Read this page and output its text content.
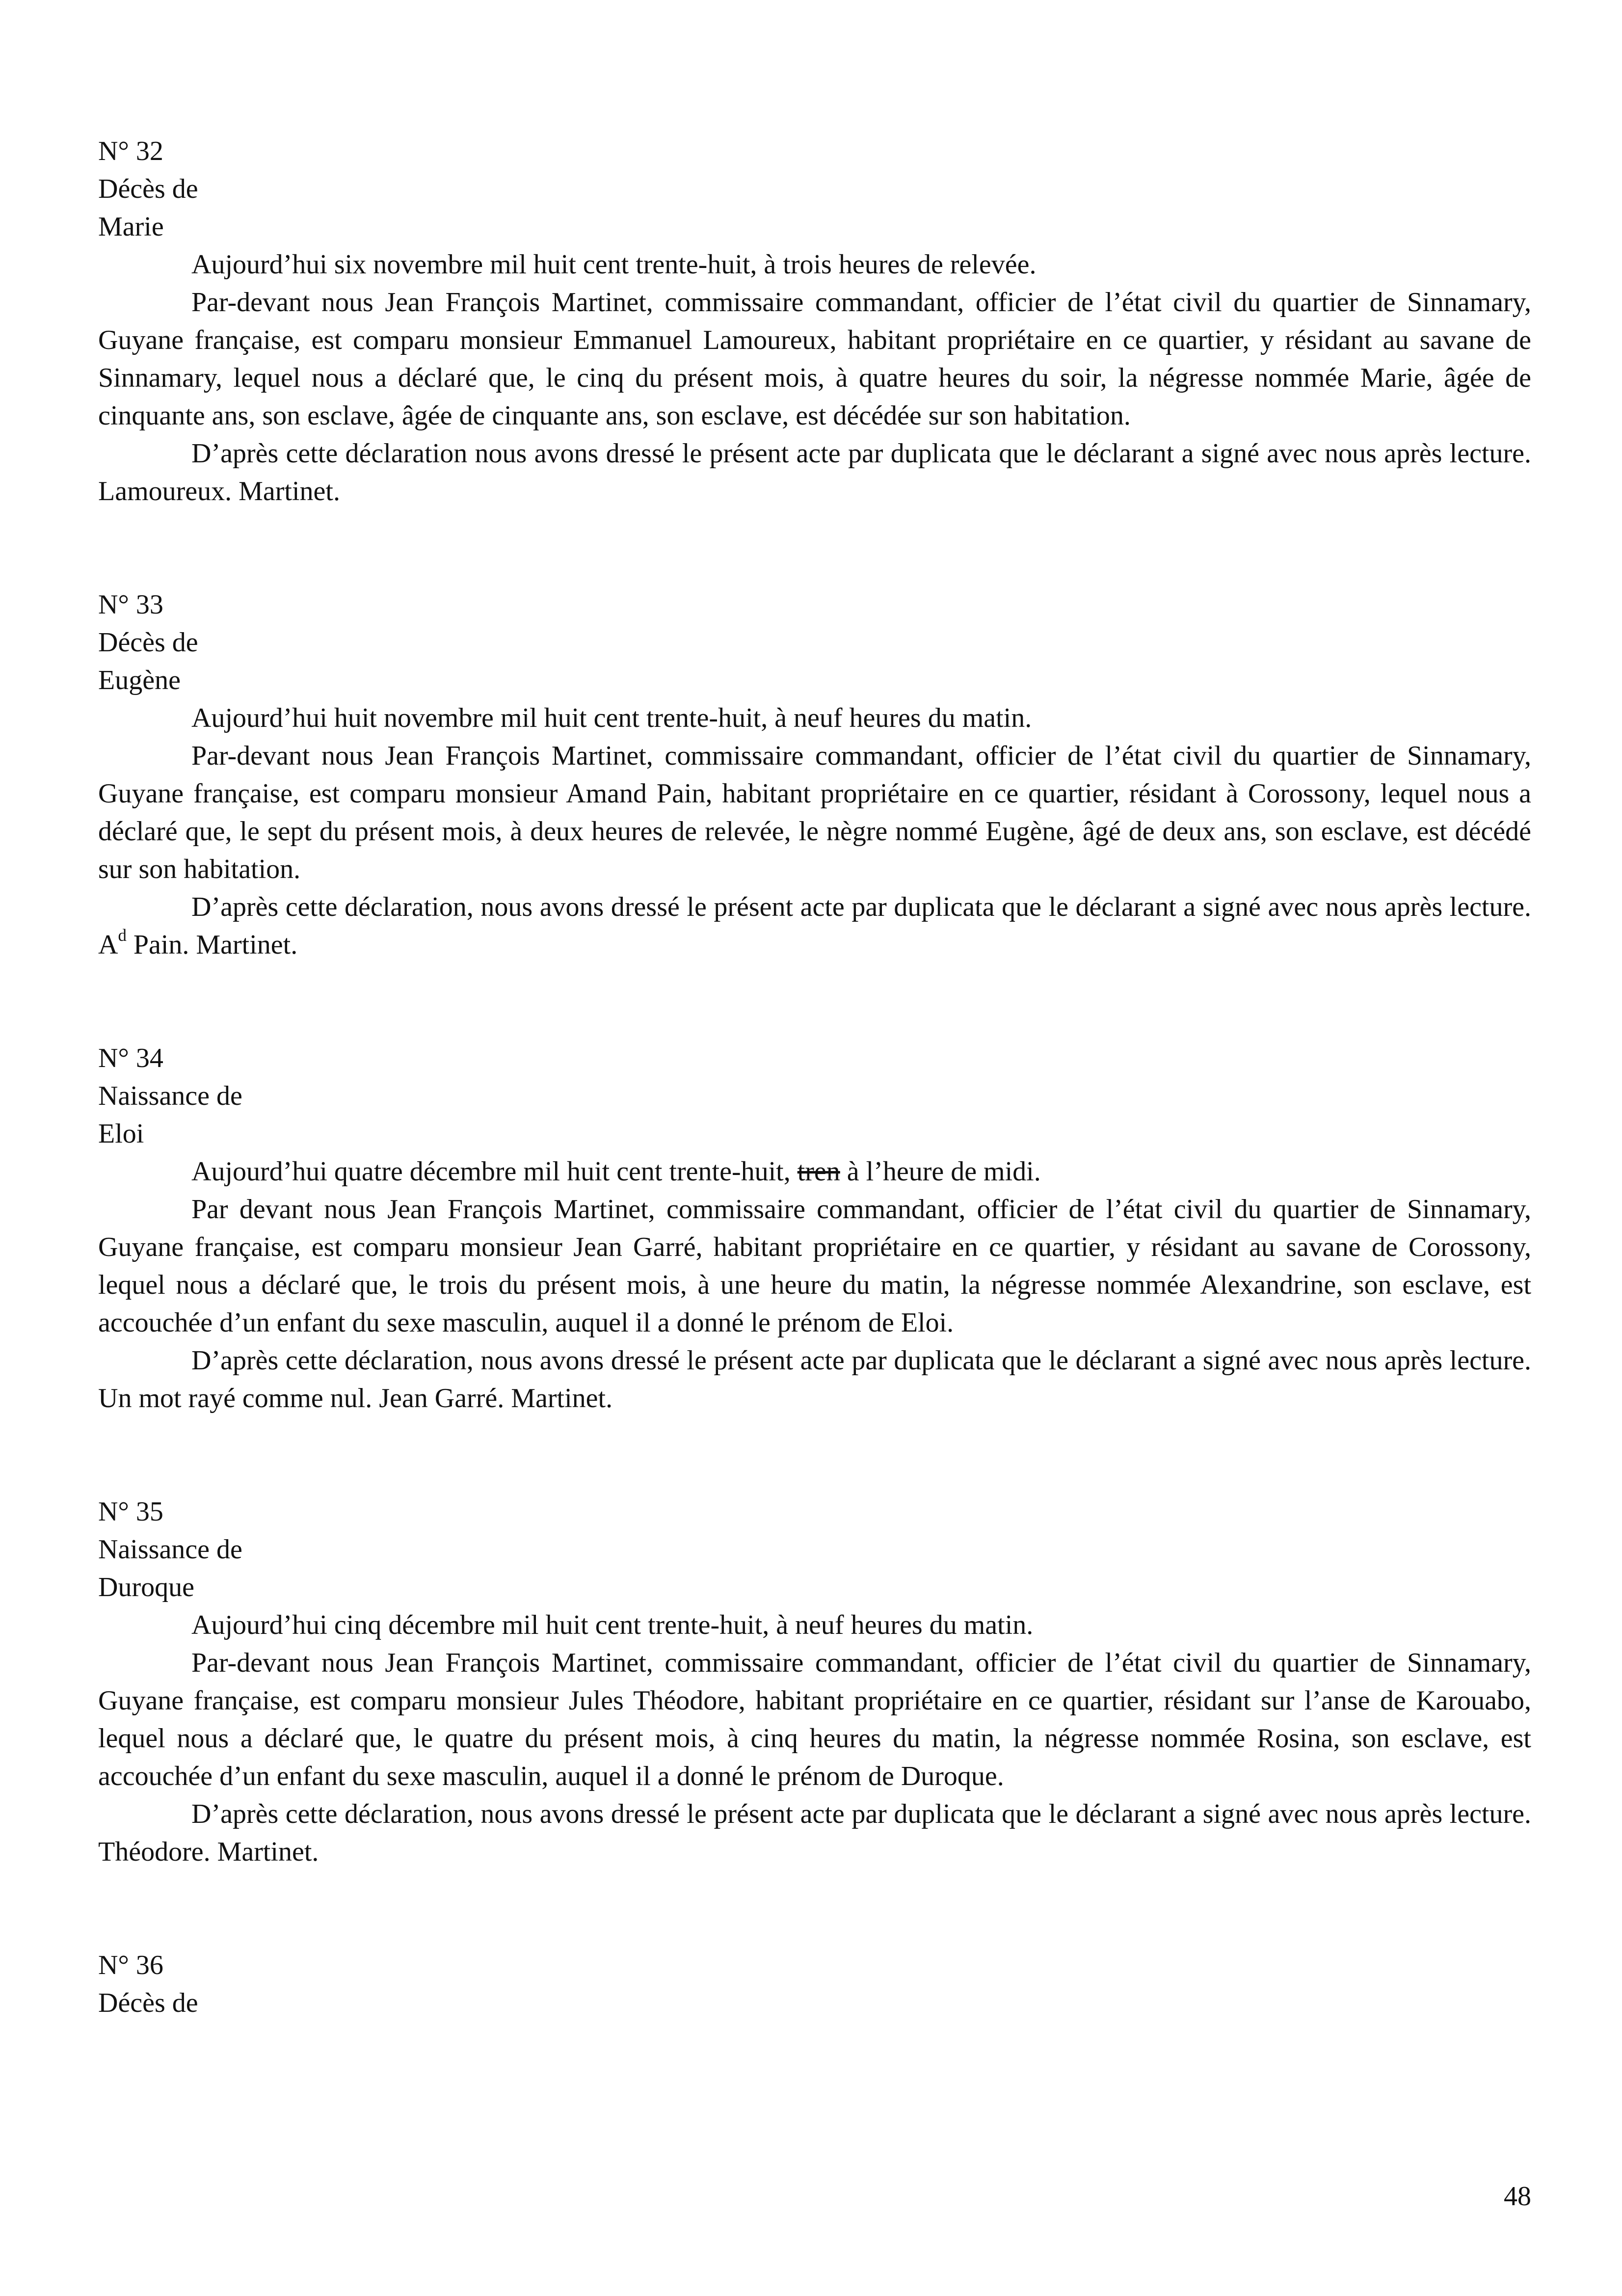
N° 32
Décès de
Marie

Aujourd’hui six novembre mil huit cent trente-huit, à trois heures de relevée.

Par-devant nous Jean François Martinet, commissaire commandant, officier de l’état civil du quartier de Sinnamary, Guyane française, est comparu monsieur Emmanuel Lamoureux, habitant propriétaire en ce quartier, y résidant au savane de Sinnamary, lequel nous a déclaré que, le cinq du présent mois, à quatre heures du soir, la négresse nommée Marie, âgée de cinquante ans, son esclave, âgée de cinquante ans, son esclave, est décédée sur son habitation.

D’après cette déclaration nous avons dressé le présent acte par duplicata que le déclarant a signé avec nous après lecture. Lamoureux. Martinet.

N° 33
Décès de
Eugène

Aujourd’hui huit novembre mil huit cent trente-huit, à neuf heures du matin.

Par-devant nous Jean François Martinet, commissaire commandant, officier de l’état civil du quartier de Sinnamary, Guyane française, est comparu monsieur Amand Pain, habitant propriétaire en ce quartier, résidant à Corossony, lequel nous a déclaré que, le sept du présent mois, à deux heures de relevée, le nègre nommé Eugène, âgé de deux ans, son esclave, est décédé sur son habitation.

D’après cette déclaration, nous avons dressé le présent acte par duplicata que le déclarant a signé avec nous après lecture. $A^d$ Pain. Martinet.

N° 34
Naissance de
Eloi

Aujourd’hui quatre décembre mil huit cent trente-huit, tren à l’heure de midi.

Par devant nous Jean François Martinet, commissaire commandant, officier de l’état civil du quartier de Sinnamary, Guyane française, est comparu monsieur Jean Garré, habitant propriétaire en ce quartier, y résidant au savane de Corossony, lequel nous a déclaré que, le trois du présent mois, à une heure du matin, la négresse nommée Alexandrine, son esclave, est accouchée d’un enfant du sexe masculin, auquel il a donné le prénom de Eloi.

D’après cette déclaration, nous avons dressé le présent acte par duplicata que le déclarant a signé avec nous après lecture. Un mot rayé comme nul. Jean Garré. Martinet.

N° 35
Naissance de
Duroque

Aujourd’hui cinq décembre mil huit cent trente-huit, à neuf heures du matin.

Par-devant nous Jean François Martinet, commissaire commandant, officier de l’état civil du quartier de Sinnamary, Guyane française, est comparu monsieur Jules Théodore, habitant propriétaire en ce quartier, résidant sur l’anse de Karouabo, lequel nous a déclaré que, le quatre du présent mois, à cinq heures du matin, la négresse nommée Rosina, son esclave, est accouchée d’un enfant du sexe masculin, auquel il a donné le prénom de Duroque.

D’après cette déclaration, nous avons dressé le présent acte par duplicata que le déclarant a signé avec nous après lecture. Théodore. Martinet.

N° 36
Décès de
48
